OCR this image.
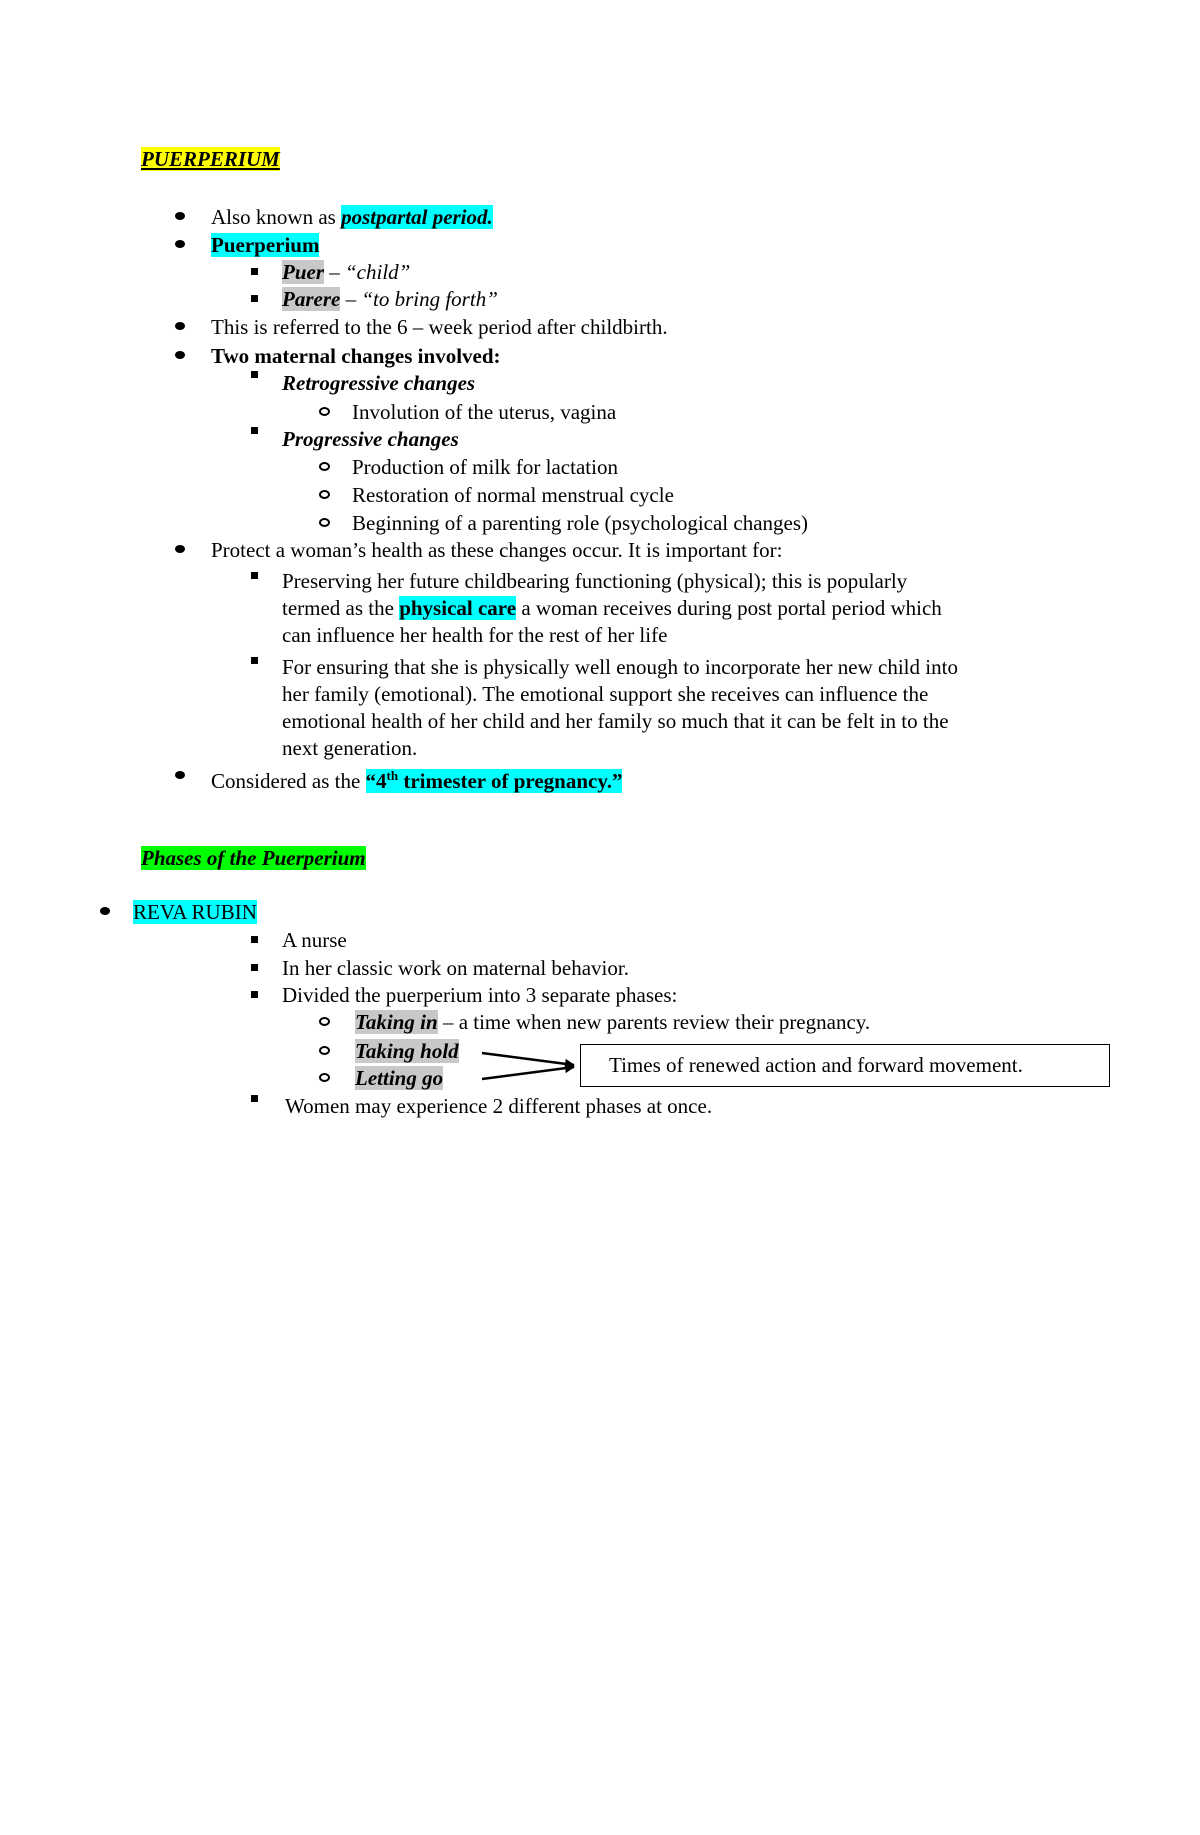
PUERPERIUM
Also known as postpartal period.
Puerperium
Puer – “child”
Parere – “to bring forth”
This is referred to the 6 – week period after childbirth.
Two maternal changes involved:
Retrogressive changes
Involution of the uterus, vagina
Progressive changes
Production of milk for lactation
Restoration of normal menstrual cycle
Beginning of a parenting role (psychological changes)
Protect a woman’s health as these changes occur. It is important for:
Preserving her future childbearing functioning (physical); this is popularly
termed as the physical care a woman receives during post portal period which
can influence her health for the rest of her life
For ensuring that she is physically well enough to incorporate her new child into
her family (emotional). The emotional support she receives can influence the
emotional health of her child and her family so much that it can be felt in to the
next generation.
Considered as the “4th trimester of pregnancy.”
Phases of the Puerperium
REVA RUBIN
A nurse
In her classic work on maternal behavior.
Divided the puerperium into 3 separate phases:
Taking in – a time when new parents review their pregnancy.
Taking hold
Letting go
Times of renewed action and forward movement.
Women may experience 2 different phases at once.
